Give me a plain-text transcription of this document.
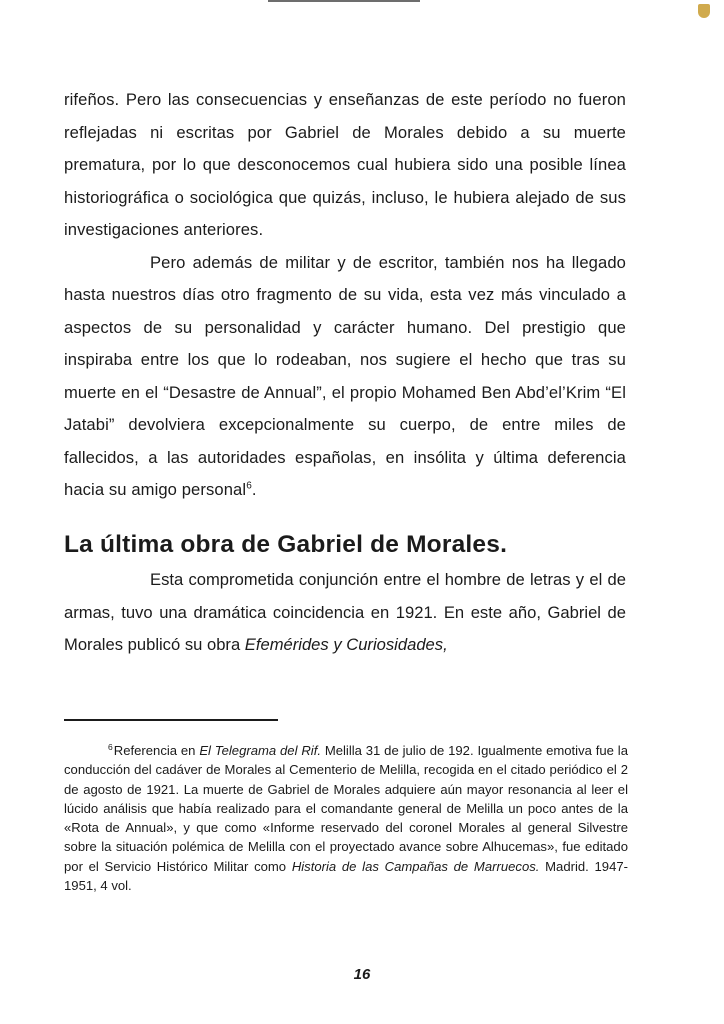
rifeños. Pero las consecuencias y enseñanzas de este período no fueron reflejadas ni escritas por Gabriel de Morales debido a su muerte prematura, por lo que desconocemos cual hubiera sido una posible línea historiográfica o sociológica que quizás, incluso, le hubiera alejado de sus investigaciones anteriores.

Pero además de militar y de escritor, también nos ha llegado hasta nuestros días otro fragmento de su vida, esta vez más vinculado a aspectos de su personalidad y carácter humano. Del prestigio que inspiraba entre los que lo rodeaban, nos sugiere el hecho que tras su muerte en el “Desastre de Annual”, el propio Mohamed Ben Abd’el’Krim “El Jatabi” devolviera excepcionalmente su cuerpo, de entre miles de fallecidos, a las autoridades españolas, en insólita y última deferencia hacia su amigo personal$^6$.

La última obra de Gabriel de Morales.

Esta comprometida conjunción entre el hombre de letras y el de armas, tuvo una dramática coincidencia en 1921. En este año, Gabriel de Morales publicó su obra Efemérides y Curiosidades,

$^6$Referencia en El Telegrama del Rif. Melilla 31 de julio de 192. Igualmente emotiva fue la conducción del cadáver de Morales al Cementerio de Melilla, recogida en el citado periódico el 2 de agosto de 1921. La muerte de Gabriel de Morales adquiere aún mayor resonancia al leer el lúcido análisis que había realizado para el comandante general de Melilla un poco antes de la «Rota de Annual», y que como «Informe reservado del coronel Morales al general Silvestre sobre la situación polémica de Melilla con el proyectado avance sobre Alhucemas», fue editado por el Servicio Histórico Militar como Historia de las Campañas de Marruecos. Madrid. 1947-1951, 4 vol.

16
